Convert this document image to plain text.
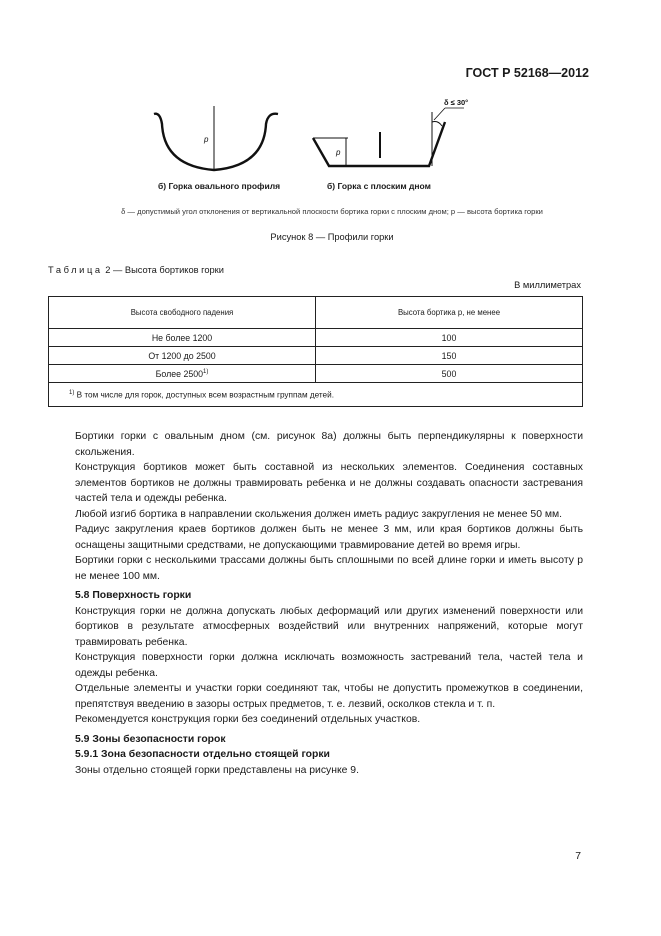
ГОСТ Р 52168—2012
p
p
δ ≤ 30°
б) Горка овального профиля	б) Горка с плоским дном
δ — допустимый угол отклонения от вертикальной плоскости бортика горки с плоским дном; p — высота бортика горки
Рисунок 8 — Профили горки
Таблица 2 — Высота бортиков горки
В миллиметрах
Высота свободного падения	Высота бортика p, не менее
Не более 1200	100
От 1200 до 2500	150
Более 2500$^{1)}$	500
$^{1)}$ В том числе для горок, доступных всем возрастным группам детей.	

Бортики горки с овальным дном (см. рисунок 8а) должны быть перпендикулярны к поверхности скольжения.

Конструкция бортиков может быть составной из нескольких элементов. Соединения составных элементов бортиков не должны травмировать ребенка и не должны создавать опасности застревания частей тела и одежды ребенка.

Любой изгиб бортика в направлении скольжения должен иметь радиус закругления не менее 50 мм.

Радиус закругления краев бортиков должен быть не менее 3 мм, или края бортиков должны быть оснащены защитными средствами, не допускающими травмирование детей во время игры.

Бортики горки с несколькими трассами должны быть сплошными по всей длине горки и иметь высоту p не менее 100 мм.

5.8 Поверхность горки

Конструкция горки не должна допускать любых деформаций или других изменений поверхности или бортиков в результате атмосферных воздействий или внутренних напряжений, которые могут травмировать ребенка.

Конструкция поверхности горки должна исключать возможность застреваний тела, частей тела и одежды ребенка.

Отдельные элементы и участки горки соединяют так, чтобы не допустить промежутков в соединении, препятствуя введению в зазоры острых предметов, т. е. лезвий, осколков стекла и т. п.

Рекомендуется конструкция горки без соединений отдельных участков.

5.9 Зоны безопасности горок

5.9.1 Зона безопасности отдельно стоящей горки

Зоны отдельно стоящей горки представлены на рисунке 9.

7
